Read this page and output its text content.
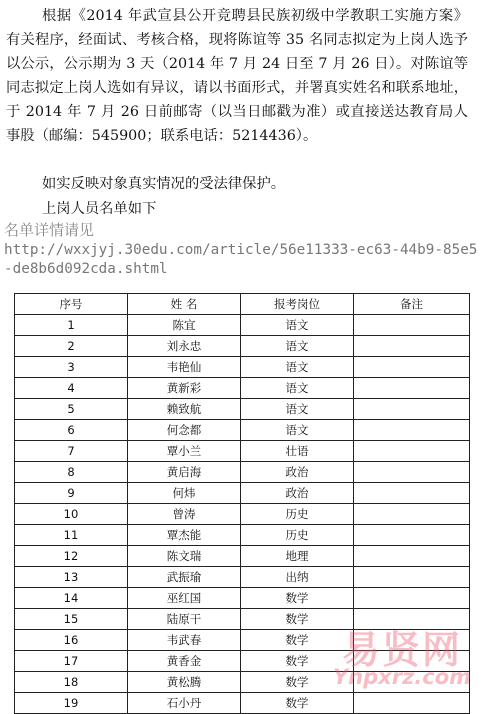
根据《2014 年武宣县公开竞聘县民族初级中学教职工实施方案》有关程序，经面试、考核合格，现将陈谊等 35 名同志拟定为上岗人选予以公示，公示期为 3 天（2014 年 7 月 24 日至 7 月 26 日）。对陈谊等同志拟定上岗人选如有异议，请以书面形式，并署真实姓名和联系地址，于 2014 年 7 月 26 日前邮寄（以当日邮戳为准）或直接送达教育局人事股（邮编：545900；联系电话：5214436）。

如实反映对象真实情况的受法律保护。

上岗人员名单如下

名单详情请见

http://wxxjyj.30edu.com/article/56e11333-ec63-44b9-85e5-de8b6d092cda.shtml

序号	姓 名	报考岗位	备注
1	陈宜	语文	
2	刘永忠	语文	
3	韦艳仙	语文	
4	黄新彩	语文	
5	赖致航	语文	
6	何念都	语文	
7	覃小兰	壮语	
8	黄启海	政治	
9	何炜	政治	
10	曾涛	历史	
11	覃杰能	历史	
12	陈文瑞	地理	
13	武振瑜	出纳	
14	巫红国	数学	
15	陆原干	数学	
16	韦武春	数学	
17	黄香金	数学	
18	黄松腾	数学	
19	石小丹	数学	
易贤网
Ynpxrz.com
